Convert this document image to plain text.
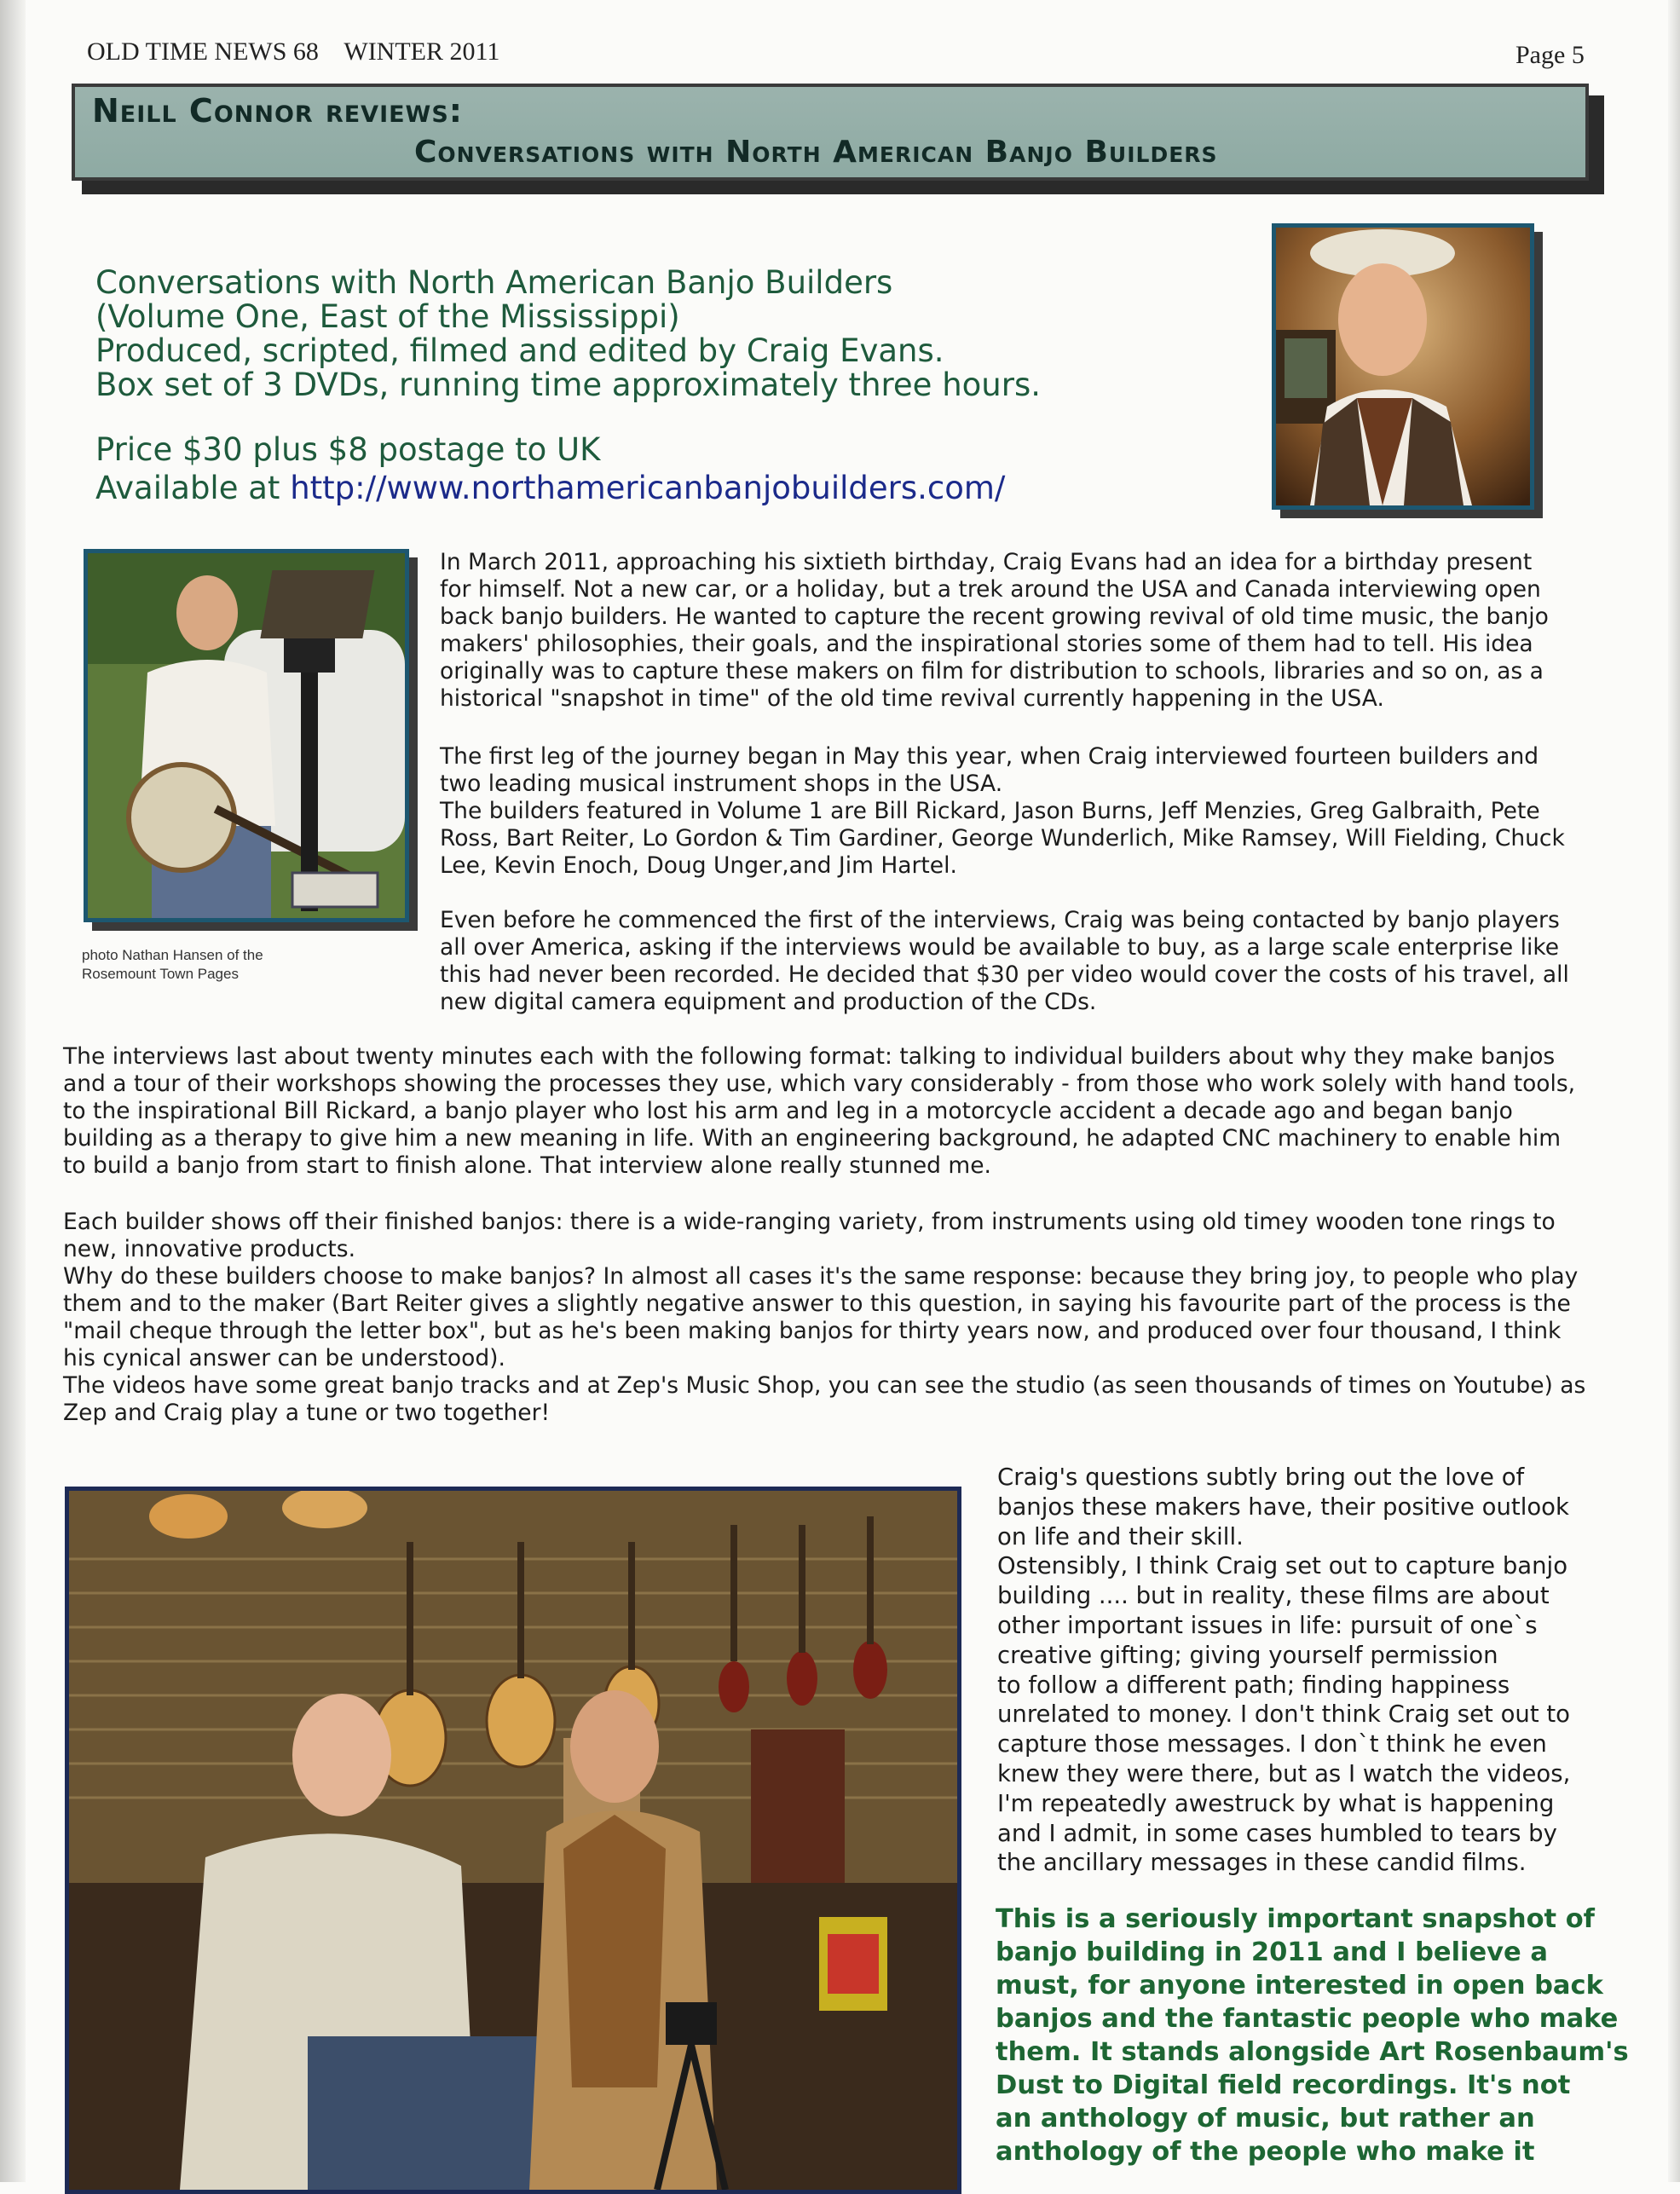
OLD TIME NEWS 68    WINTER 2011	Page 5
Neill Connor reviews:
Conversations with North American Banjo Builders
Conversations with North American Banjo Builders
(Volume One, East of the Mississippi)
Produced, scripted, filmed and edited by Craig Evans.
Box set of 3 DVDs, running time approximately three hours.
Price $30 plus $8 postage to UK
Available at http://www.northamericanbanjobuilders.com/
photo Nathan Hansen of the
Rosemount Town Pages
In March 2011, approaching his sixtieth birthday, Craig Evans had an idea for a birthday present
for himself. Not a new car, or a holiday, but a trek around the USA and Canada interviewing open
back banjo builders. He wanted to capture the recent growing revival of old time music, the banjo
makers' philosophies, their goals, and the inspirational stories some of them had to tell. His idea
originally was to capture these makers on film for distribution to schools, libraries and so on, as a
historical "snapshot in time" of the old time revival currently happening in the USA.
The first leg of the journey began in May this year, when Craig interviewed fourteen builders and
two leading musical instrument shops in the USA.
The builders featured in Volume 1 are Bill Rickard, Jason Burns, Jeff Menzies, Greg Galbraith, Pete
Ross, Bart Reiter, Lo Gordon & Tim Gardiner, George Wunderlich, Mike Ramsey, Will Fielding, Chuck
Lee, Kevin Enoch, Doug Unger,and Jim Hartel.
Even before he commenced the first of the interviews, Craig was being contacted by banjo players
all over America, asking if the interviews would be available to buy, as a large scale enterprise like
this had never been recorded. He decided that $30 per video would cover the costs of his travel, all
new digital camera equipment and production of the CDs.
The interviews last about twenty minutes each with the following format: talking to individual builders about why they make banjos
and a tour of their workshops showing the processes they use, which vary considerably - from those who work solely with hand tools,
to the inspirational Bill Rickard, a banjo player who lost his arm and leg in a motorcycle accident a decade ago and began banjo
building as a therapy to give him a new meaning in life. With an engineering background, he adapted CNC machinery to enable him
to build a banjo from start to finish alone. That interview alone really stunned me.
Each builder shows off their finished banjos: there is a wide-ranging variety, from instruments using old timey wooden tone rings to
new, innovative products.
Why do these builders choose to make banjos? In almost all cases it's the same response: because they bring joy, to people who play
them and to the maker (Bart Reiter gives a slightly negative answer to this question, in saying his favourite part of the process is the
"mail cheque through the letter box", but as he's been making banjos for thirty years now, and produced over four thousand, I think
his cynical answer can be understood).
The videos have some great banjo tracks and at Zep's Music Shop, you can see the studio (as seen thousands of times on Youtube) as
Zep and Craig play a tune or two together!
Craig's questions subtly bring out the love of
banjos these makers have, their positive outlook
on life and their skill.
Ostensibly, I think Craig set out to capture banjo
building .... but in reality, these films are about
other important issues in life: pursuit of one`s
creative gifting; giving yourself permission
to follow a different path; finding happiness
unrelated to money. I don't think Craig set out to
capture those messages. I don`t think he even
knew they were there, but as I watch the videos,
I'm repeatedly awestruck by what is happening
and I admit, in some cases humbled to tears by
the ancillary messages in these candid films.
This is a seriously important snapshot of
banjo building in 2011 and I believe a
must, for anyone interested in open back
banjos and the fantastic people who make
them. It stands alongside Art Rosenbaum's
Dust to Digital field recordings. It's not
an anthology of music, but rather an
anthology of the people who make it
